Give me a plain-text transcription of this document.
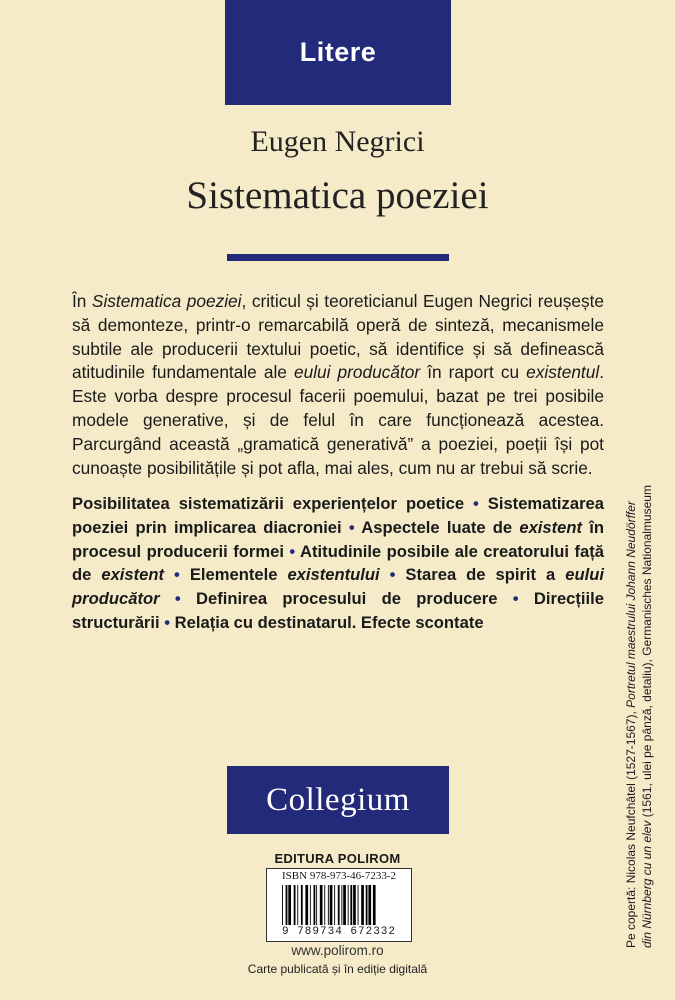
Litere
Eugen Negrici
Sistematica poeziei
În Sistematica poeziei, criticul și teoreticianul Eugen Negrici reușește să demonteze, printr-o remarcabilă operă de sinteză, mecanismele subtile ale producerii textului poetic, să identifice și să definească atitudinile fundamentale ale eului producător în raport cu existentul. Este vorba despre procesul facerii poemului, bazat pe trei posibile modele generative, și de felul în care funcționează acestea. Parcurgând această „gramatică generativă” a poeziei, poeții își pot cunoaște posibilitățile și pot afla, mai ales, cum nu ar trebui să scrie.
Posibilitatea sistematizării experiențelor poetice • Sistematizarea poeziei prin implicarea diacroniei • Aspectele luate de existent în procesul producerii formei • Atitudinile posibile ale creatorului față de existent • Elementele existentului • Starea de spirit a eului producător • Definirea procesului de producere • Direcțiile structurării • Relația cu destinatarul. Efecte scontate
Collegium
EDITURA POLIROM
ISBN 978-973-46-7233-2
9 789734 672332
www.polirom.ro
Carte publicată și în ediție digitală
Pe copertă: Nicolas Neufchâtel (1527-1567), Portretul maestrului Johann Neudörffer
din Nürnberg cu un elev (1561, ulei pe pânză, detaliu), Germanisches Nationalmuseum
